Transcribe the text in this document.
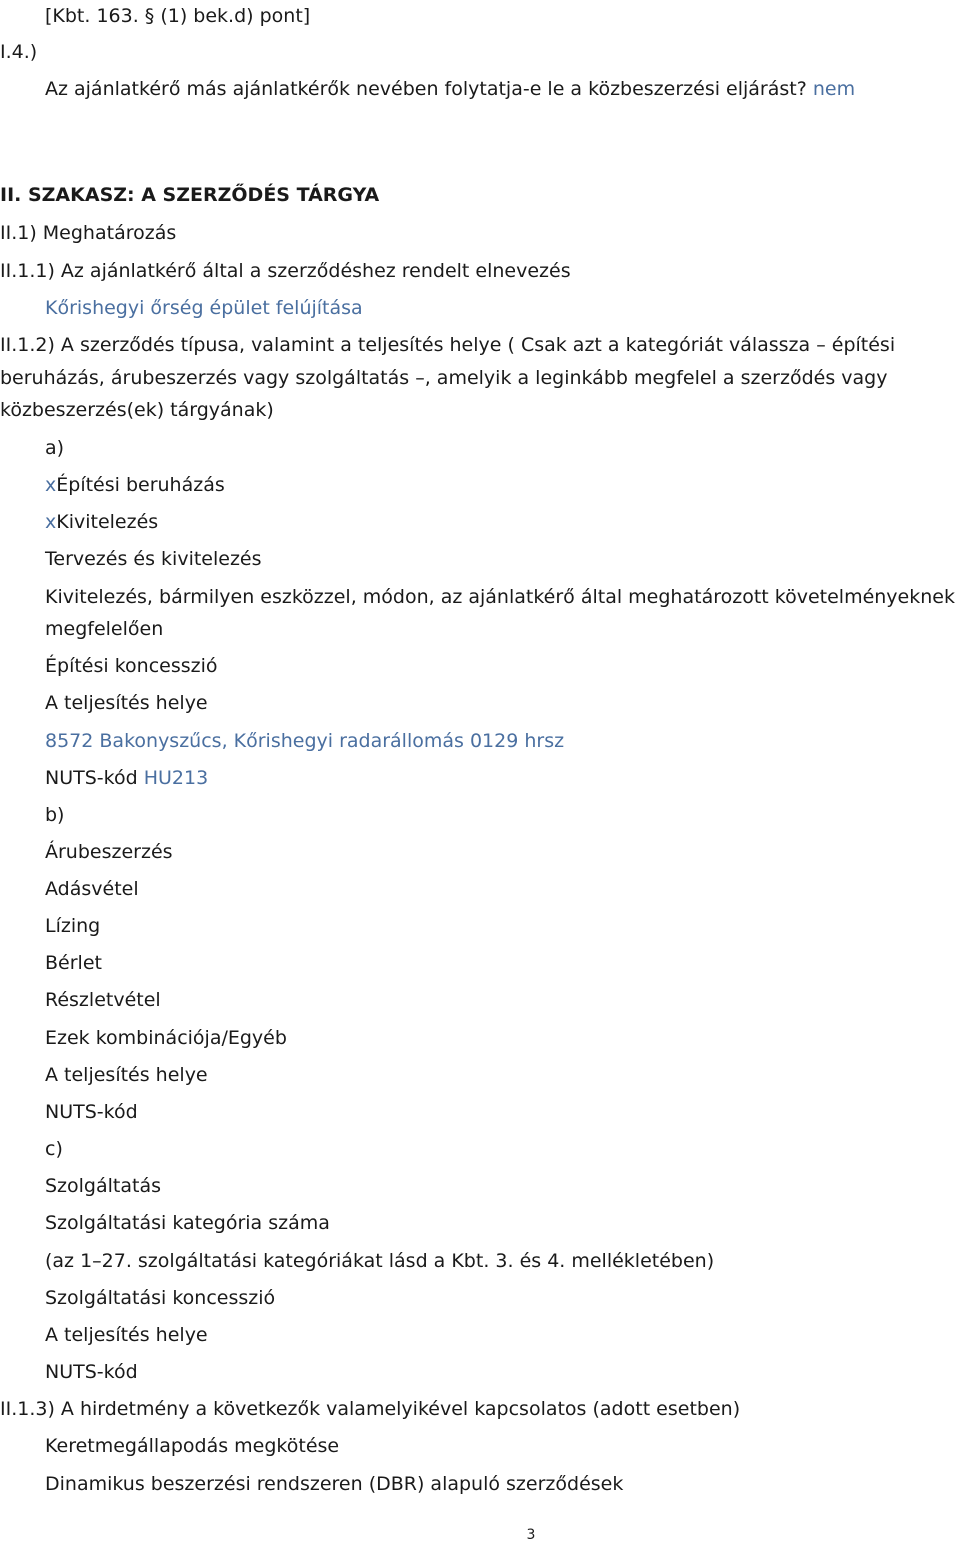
[Kbt. 163. § (1) bek.d) pont]
I.4.)
Az ajánlatkérő más ajánlatkérők nevében folytatja-e le a közbeszerzési eljárást? nem
II. SZAKASZ: A SZERZŐDÉS TÁRGYA
II.1) Meghatározás
II.1.1) Az ajánlatkérő által a szerződéshez rendelt elnevezés
Kőrishegyi őrség épület felújítása
II.1.2) A szerződés típusa, valamint a teljesítés helye ( Csak azt a kategóriát válassza – építési
beruházás, árubeszerzés vagy szolgáltatás –, amelyik a leginkább megfelel a szerződés vagy
közbeszerzés(ek) tárgyának)
a)
xÉpítési beruházás
xKivitelezés
Tervezés és kivitelezés
Kivitelezés, bármilyen eszközzel, módon, az ajánlatkérő által meghatározott követelményeknek
megfelelően
Építési koncesszió
A teljesítés helye
8572 Bakonyszűcs, Kőrishegyi radarállomás 0129 hrsz
NUTS-kód HU213
b)
Árubeszerzés
Adásvétel
Lízing
Bérlet
Részletvétel
Ezek kombinációja/Egyéb
A teljesítés helye
NUTS-kód
c)
Szolgáltatás
Szolgáltatási kategória száma
(az 1–27. szolgáltatási kategóriákat lásd a Kbt. 3. és 4. mellékletében)
Szolgáltatási koncesszió
A teljesítés helye
NUTS-kód
II.1.3) A hirdetmény a következők valamelyikével kapcsolatos (adott esetben)
Keretmegállapodás megkötése
Dinamikus beszerzési rendszeren (DBR) alapuló szerződések
3
